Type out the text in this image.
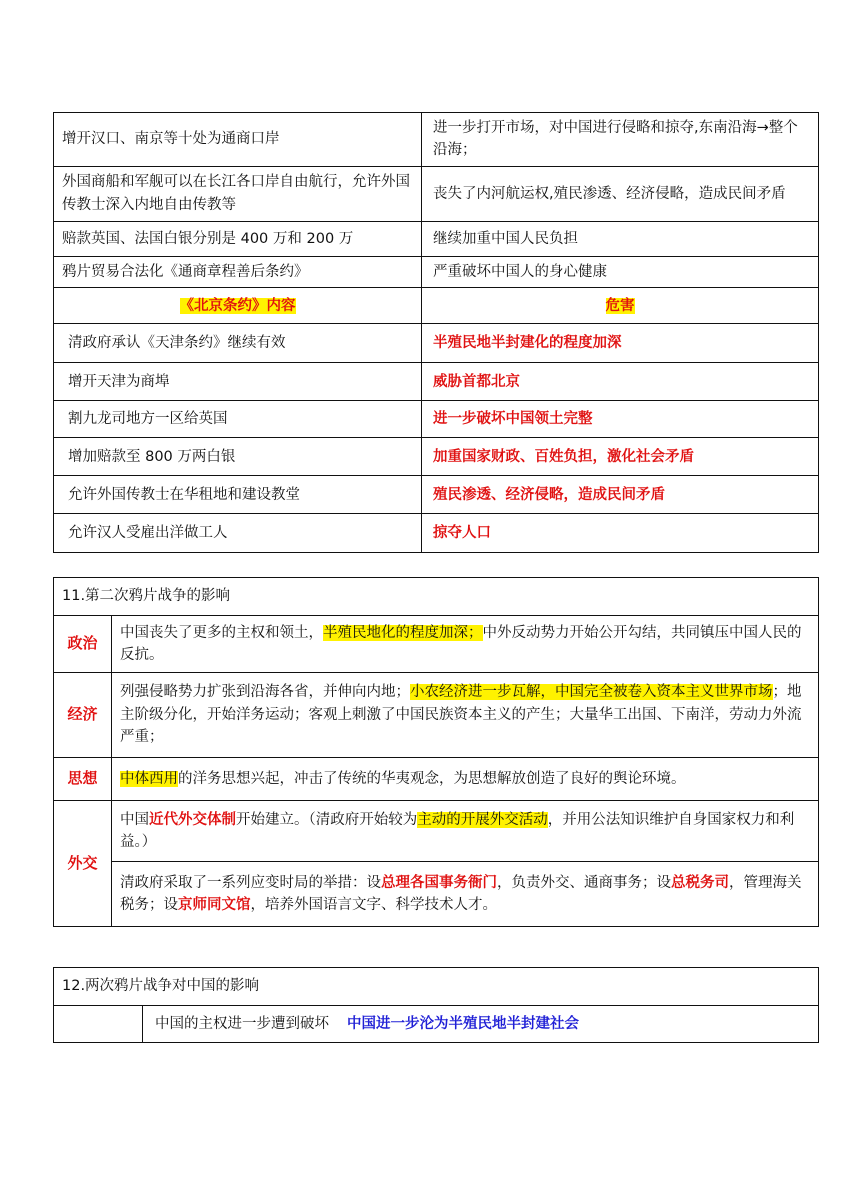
增开汉口、南京等十处为通商口岸	进一步打开市场，对中国进行侵略和掠夺,东南沿海→整个沿海；
外国商船和军舰可以在长江各口岸自由航行，允许外国传教士深入内地自由传教等	丧失了内河航运权,殖民渗透、经济侵略，造成民间矛盾
赔款英国、法国白银分别是 400 万和 200 万	继续加重中国人民负担
鸦片贸易合法化《通商章程善后条约》	严重破坏中国人的身心健康
《北京条约》内容	危害
清政府承认《天津条约》继续有效	半殖民地半封建化的程度加深
增开天津为商埠	威胁首都北京
割九龙司地方一区给英国	进一步破坏中国领土完整
增加赔款至 800 万两白银	加重国家财政、百姓负担，激化社会矛盾
允许外国传教士在华租地和建设教堂	殖民渗透、经济侵略，造成民间矛盾
允许汉人受雇出洋做工人	掠夺人口
11.第二次鸦片战争的影响	
政治	中国丧失了更多的主权和领土，半殖民地化的程度加深；中外反动势力开始公开勾结，共同镇压中国人民的反抗。
经济	列强侵略势力扩张到沿海各省，并伸向内地；小农经济进一步瓦解，中国完全被卷入资本主义世界市场；地主阶级分化，开始洋务运动；客观上刺激了中国民族资本主义的产生；大量华工出国、下南洋，劳动力外流严重；
思想	中体西用的洋务思想兴起，冲击了传统的华夷观念，为思想解放创造了良好的舆论环境。
外交	中国近代外交体制开始建立。（清政府开始较为主动的开展外交活动，并用公法知识维护自身国家权力和利益。）
	清政府采取了一系列应变时局的举措：设总理各国事务衙门，负责外交、通商事务；设总税务司，管理海关税务；设京师同文馆，培养外国语言文字、科学技术人才。
12.两次鸦片战争对中国的影响
	中国的主权进一步遭到破坏 中国进一步沦为半殖民地半封建社会
